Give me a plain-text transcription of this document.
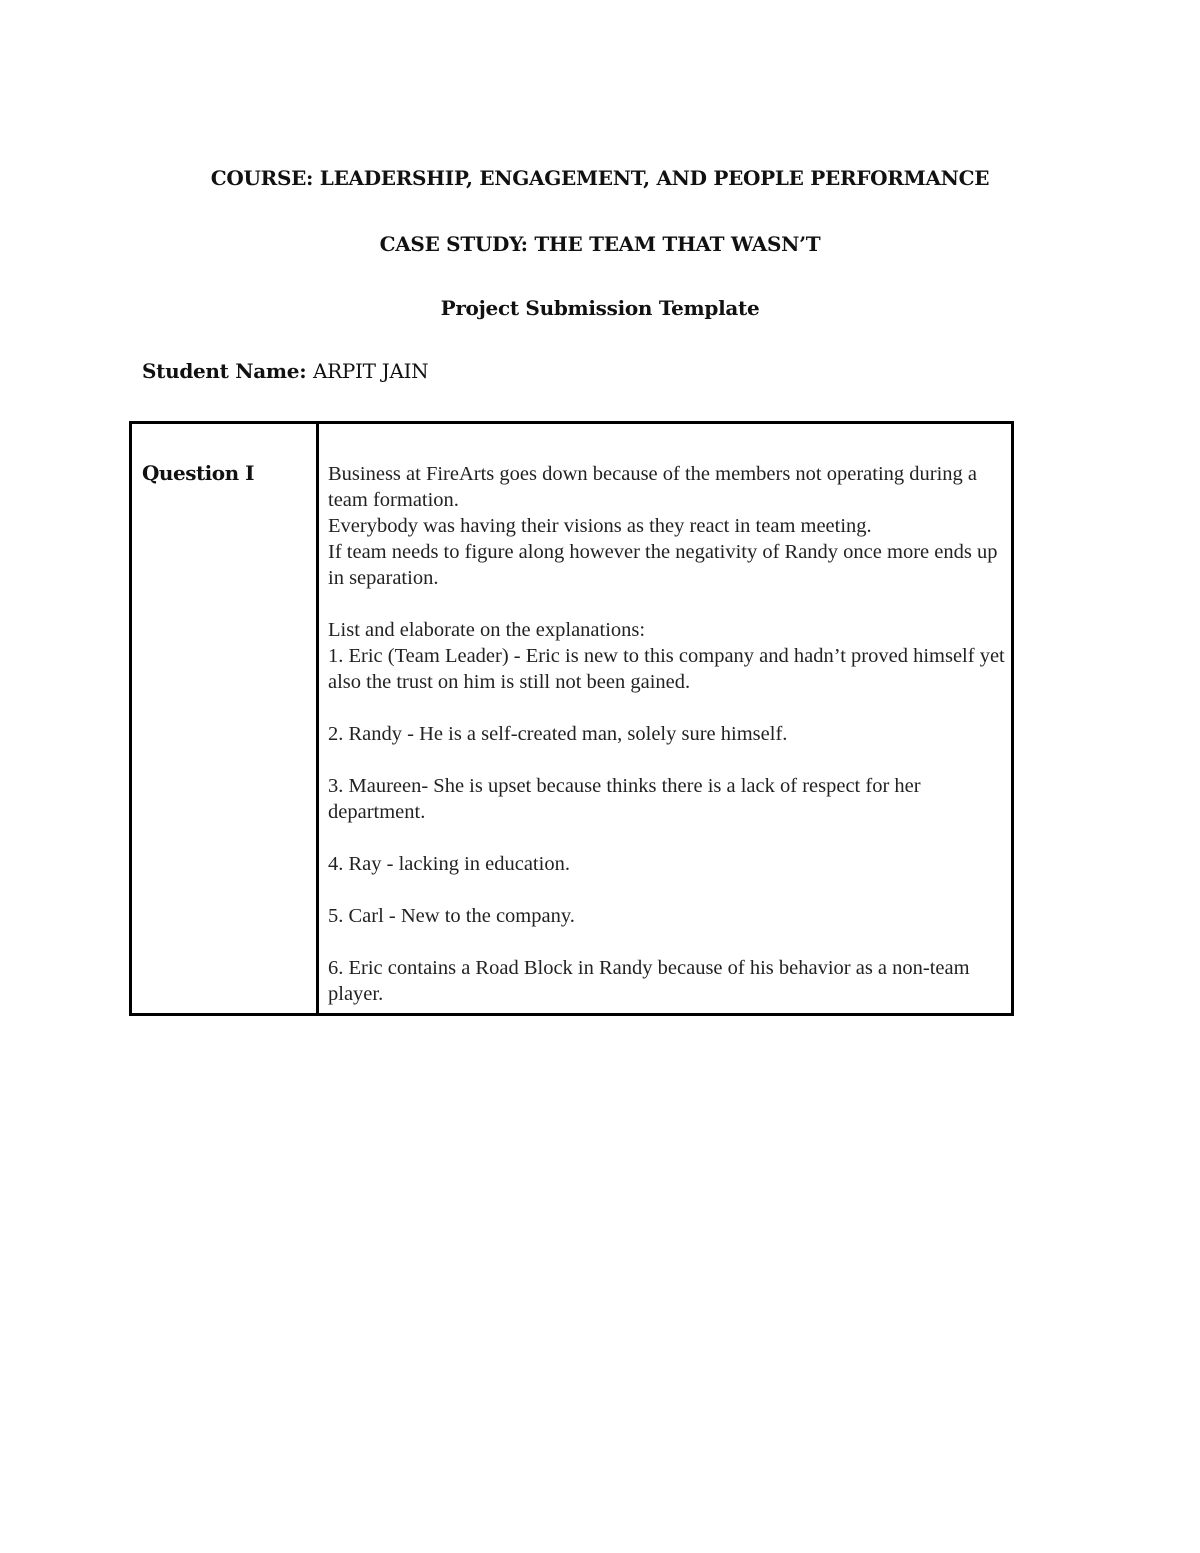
COURSE: LEADERSHIP, ENGAGEMENT, AND PEOPLE PERFORMANCE
CASE STUDY: THE TEAM THAT WASN’T
Project Submission Template
Student Name: ARPIT JAIN
Question I	Business at FireArts goes down because of the members not operating during a team formation.

Everybody was having their visions as they react in team meeting.

If team needs to figure along however the negativity of Randy once more ends up in separation.

List and elaborate on the explanations:

1. Eric (Team Leader) - Eric is new to this company and hadn’t proved himself yet also the trust on him is still not been gained.

2. Randy - He is a self-created man, solely sure himself.

3. Maureen- She is upset because thinks there is a lack of respect for her department.

4. Ray - lacking in education.

5. Carl - New to the company.

6. Eric contains a Road Block in Randy because of his behavior as a non-team player.
